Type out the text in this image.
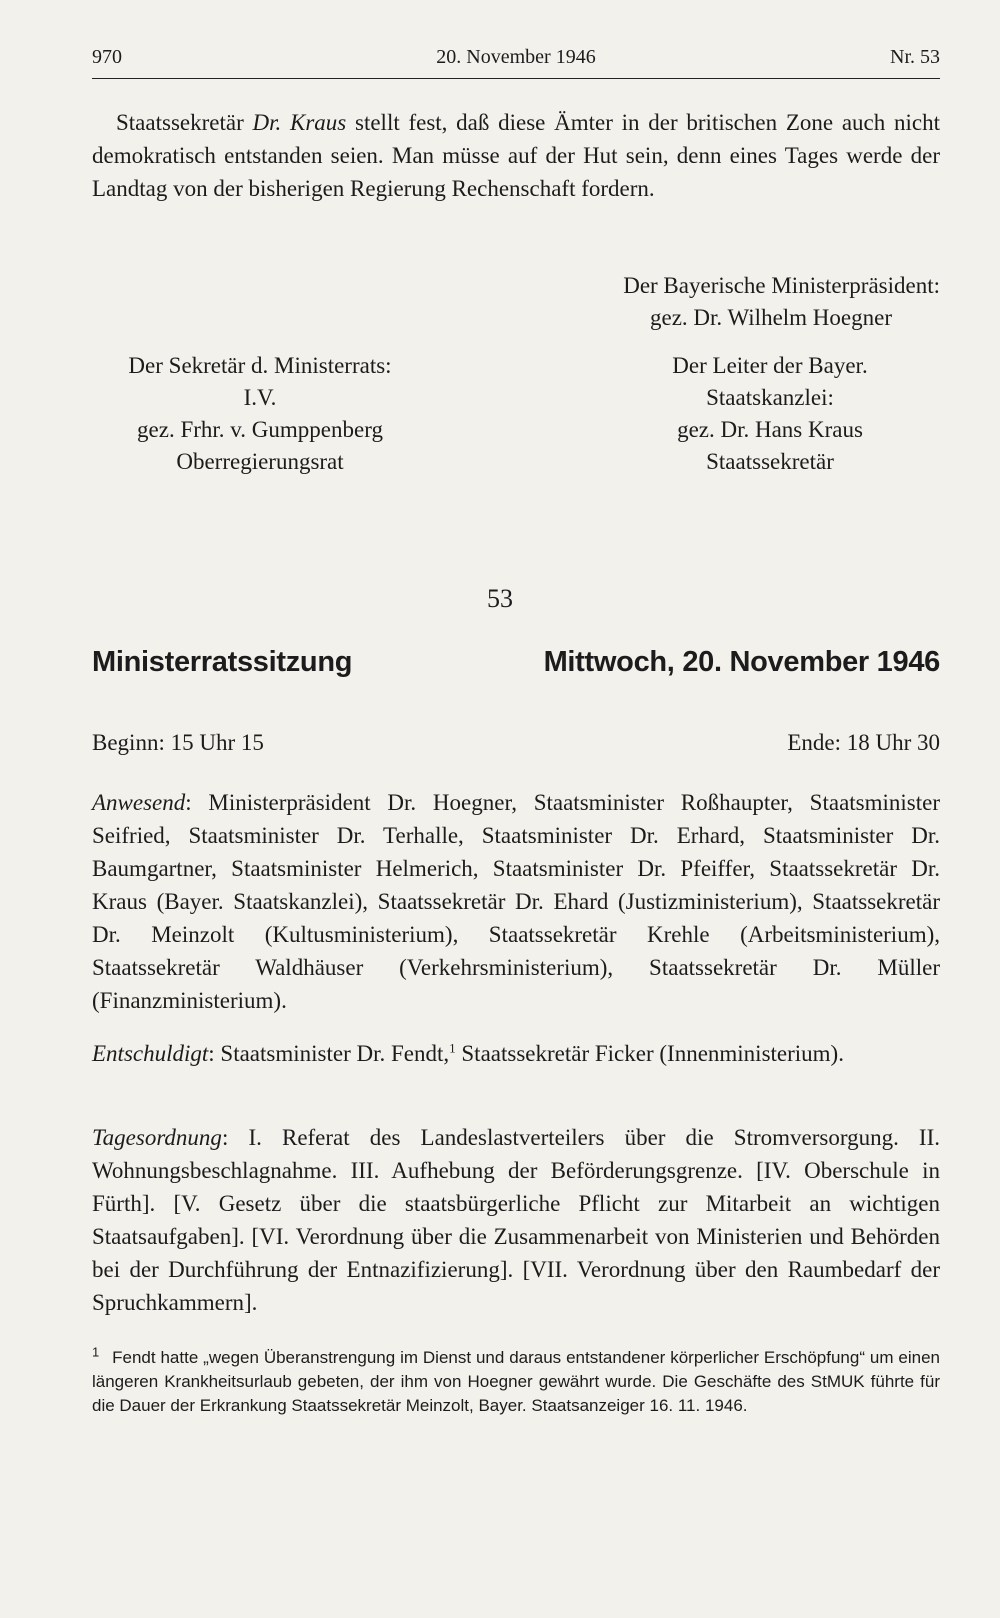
970	20. November 1946	Nr. 53

Staatssekretär Dr. Kraus stellt fest, daß diese Ämter in der britischen Zone auch nicht demokratisch entstanden seien. Man müsse auf der Hut sein, denn eines Tages werde der Landtag von der bisherigen Regierung Rechenschaft fordern.

Der Bayerische Ministerpräsident:
gez. Dr. Wilhelm Hoegner
Der Sekretär d. Ministerrats:
I.V.
gez. Frhr. v. Gumppenberg
Oberregierungsrat
Der Leiter der Bayer.
Staatskanzlei:
gez. Dr. Hans Kraus
Staatssekretär
53
Ministerratssitzung	Mittwoch, 20. November 1946
Beginn: 15 Uhr 15	Ende: 18 Uhr 30

Anwesend: Ministerpräsident Dr. Hoegner, Staatsminister Roßhaupter, Staatsminister Seifried, Staatsminister Dr. Terhalle, Staatsminister Dr. Erhard, Staatsminister Dr. Baumgartner, Staatsminister Helmerich, Staatsminister Dr. Pfeiffer, Staatssekretär Dr. Kraus (Bayer. Staatskanzlei), Staatssekretär Dr. Ehard (Justizministerium), Staatssekretär Dr. Meinzolt (Kultusministerium), Staatssekretär Krehle (Arbeitsministerium), Staatssekretär Waldhäuser (Verkehrsministerium), Staatssekretär Dr. Müller (Finanzministerium).

Entschuldigt: Staatsminister Dr. Fendt,$^1$ Staatssekretär Ficker (Innenministerium).

Tagesordnung: I. Referat des Landeslastverteilers über die Stromversorgung. II. Wohnungsbeschlagnahme. III. Aufhebung der Beförderungsgrenze. [IV. Oberschule in Fürth]. [V. Gesetz über die staatsbürgerliche Pflicht zur Mitarbeit an wichtigen Staatsaufgaben]. [VI. Verordnung über die Zusammenarbeit von Ministerien und Behörden bei der Durchführung der Entnazifizierung]. [VII. Verordnung über den Raumbedarf der Spruchkammern].

$^1$ Fendt hatte „wegen Überanstrengung im Dienst und daraus entstandener körperlicher Erschöpfung“ um einen längeren Krankheitsurlaub gebeten, der ihm von Hoegner gewährt wurde. Die Geschäfte des StMUK führte für die Dauer der Erkrankung Staatssekretär Meinzolt, Bayer. Staatsanzeiger 16. 11. 1946.
